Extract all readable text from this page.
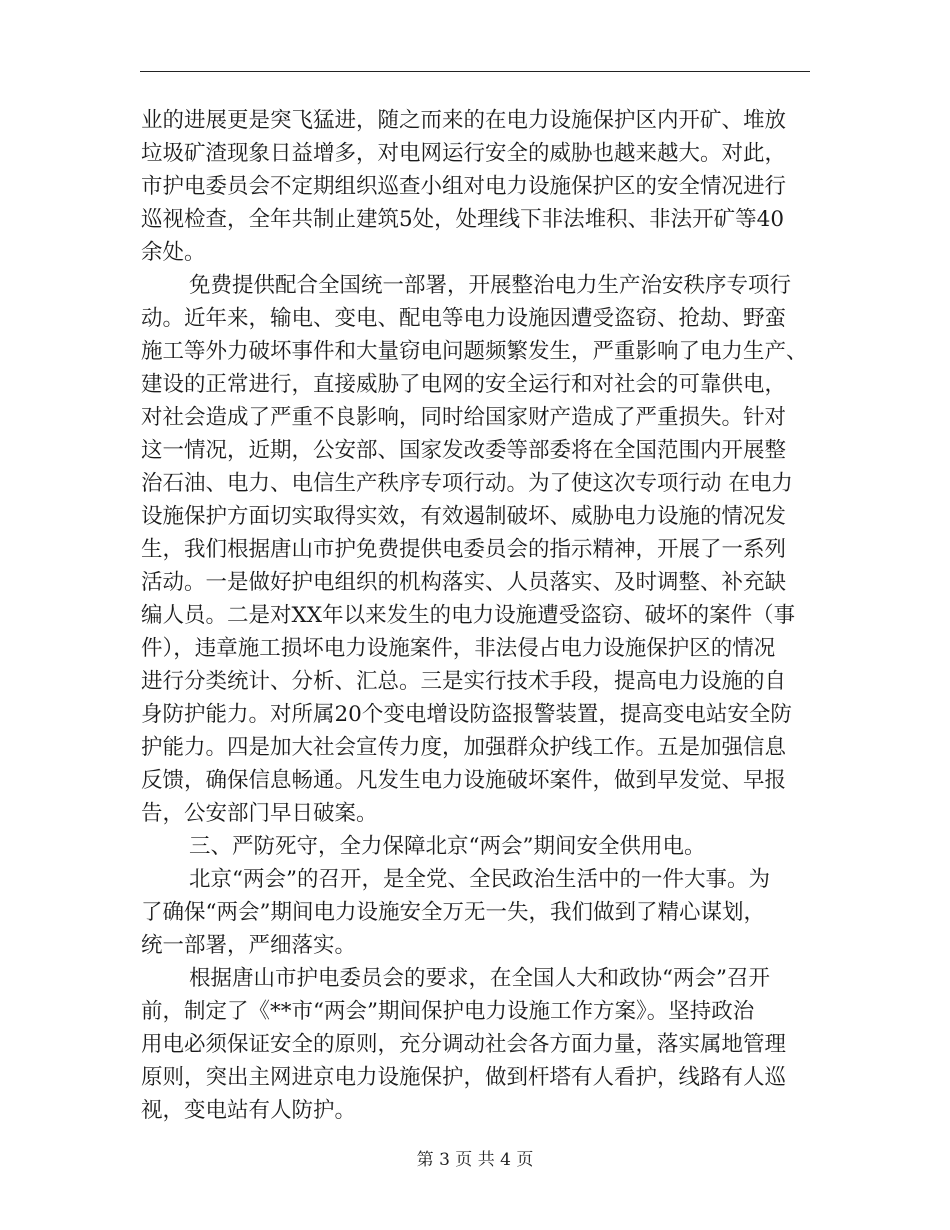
业的进展更是突飞猛进，随之而来的在电力设施保护区内开矿、堆放
垃圾矿渣现象日益增多，对电网运行安全的威胁也越来越大。对此，
市护电委员会不定期组织巡查小组对电力设施保护区的安全情况进行
巡视检查，全年共制止建筑5处，处理线下非法堆积、非法开矿等40
余处。
免费提供配合全国统一部署，开展整治电力生产治安秩序专项行
动。近年来，输电、变电、配电等电力设施因遭受盗窃、抢劫、野蛮
施工等外力破坏事件和大量窃电问题频繁发生，严重影响了电力生产、
建设的正常进行，直接威胁了电网的安全运行和对社会的可靠供电，
对社会造成了严重不良影响，同时给国家财产造成了严重损失。针对
这一情况，近期，公安部、国家发改委等部委将在全国范围内开展整
治石油、电力、电信生产秩序专项行动。为了使这次专项行动 在电力
设施保护方面切实取得实效，有效遏制破坏、威胁电力设施的情况发
生，我们根据唐山市护免费提供电委员会的指示精神，开展了一系列
活动。一是做好护电组织的机构落实、人员落实、及时调整、补充缺
编人员。二是对XX年以来发生的电力设施遭受盗窃、破坏的案件（事
件），违章施工损坏电力设施案件，非法侵占电力设施保护区的情况
进行分类统计、分析、汇总。三是实行技术手段，提高电力设施的自
身防护能力。对所属20个变电增设防盗报警装置，提高变电站安全防
护能力。四是加大社会宣传力度，加强群众护线工作。五是加强信息
反馈，确保信息畅通。凡发生电力设施破坏案件，做到早发觉、早报
告，公安部门早日破案。
三、严防死守，全力保障北京“两会”期间安全供用电。
北京“两会”的召开，是全党、全民政治生活中的一件大事。为
了确保“两会”期间电力设施安全万无一失，我们做到了精心谋划，
统一部署，严细落实。
根据唐山市护电委员会的要求，在全国人大和政协“两会”召开
前，制定了《**市“两会”期间保护电力设施工作方案》。坚持政治
用电必须保证安全的原则，充分调动社会各方面力量，落实属地管理
原则，突出主网进京电力设施保护，做到杆塔有人看护，线路有人巡
视，变电站有人防护。
第 3 页 共 4 页
